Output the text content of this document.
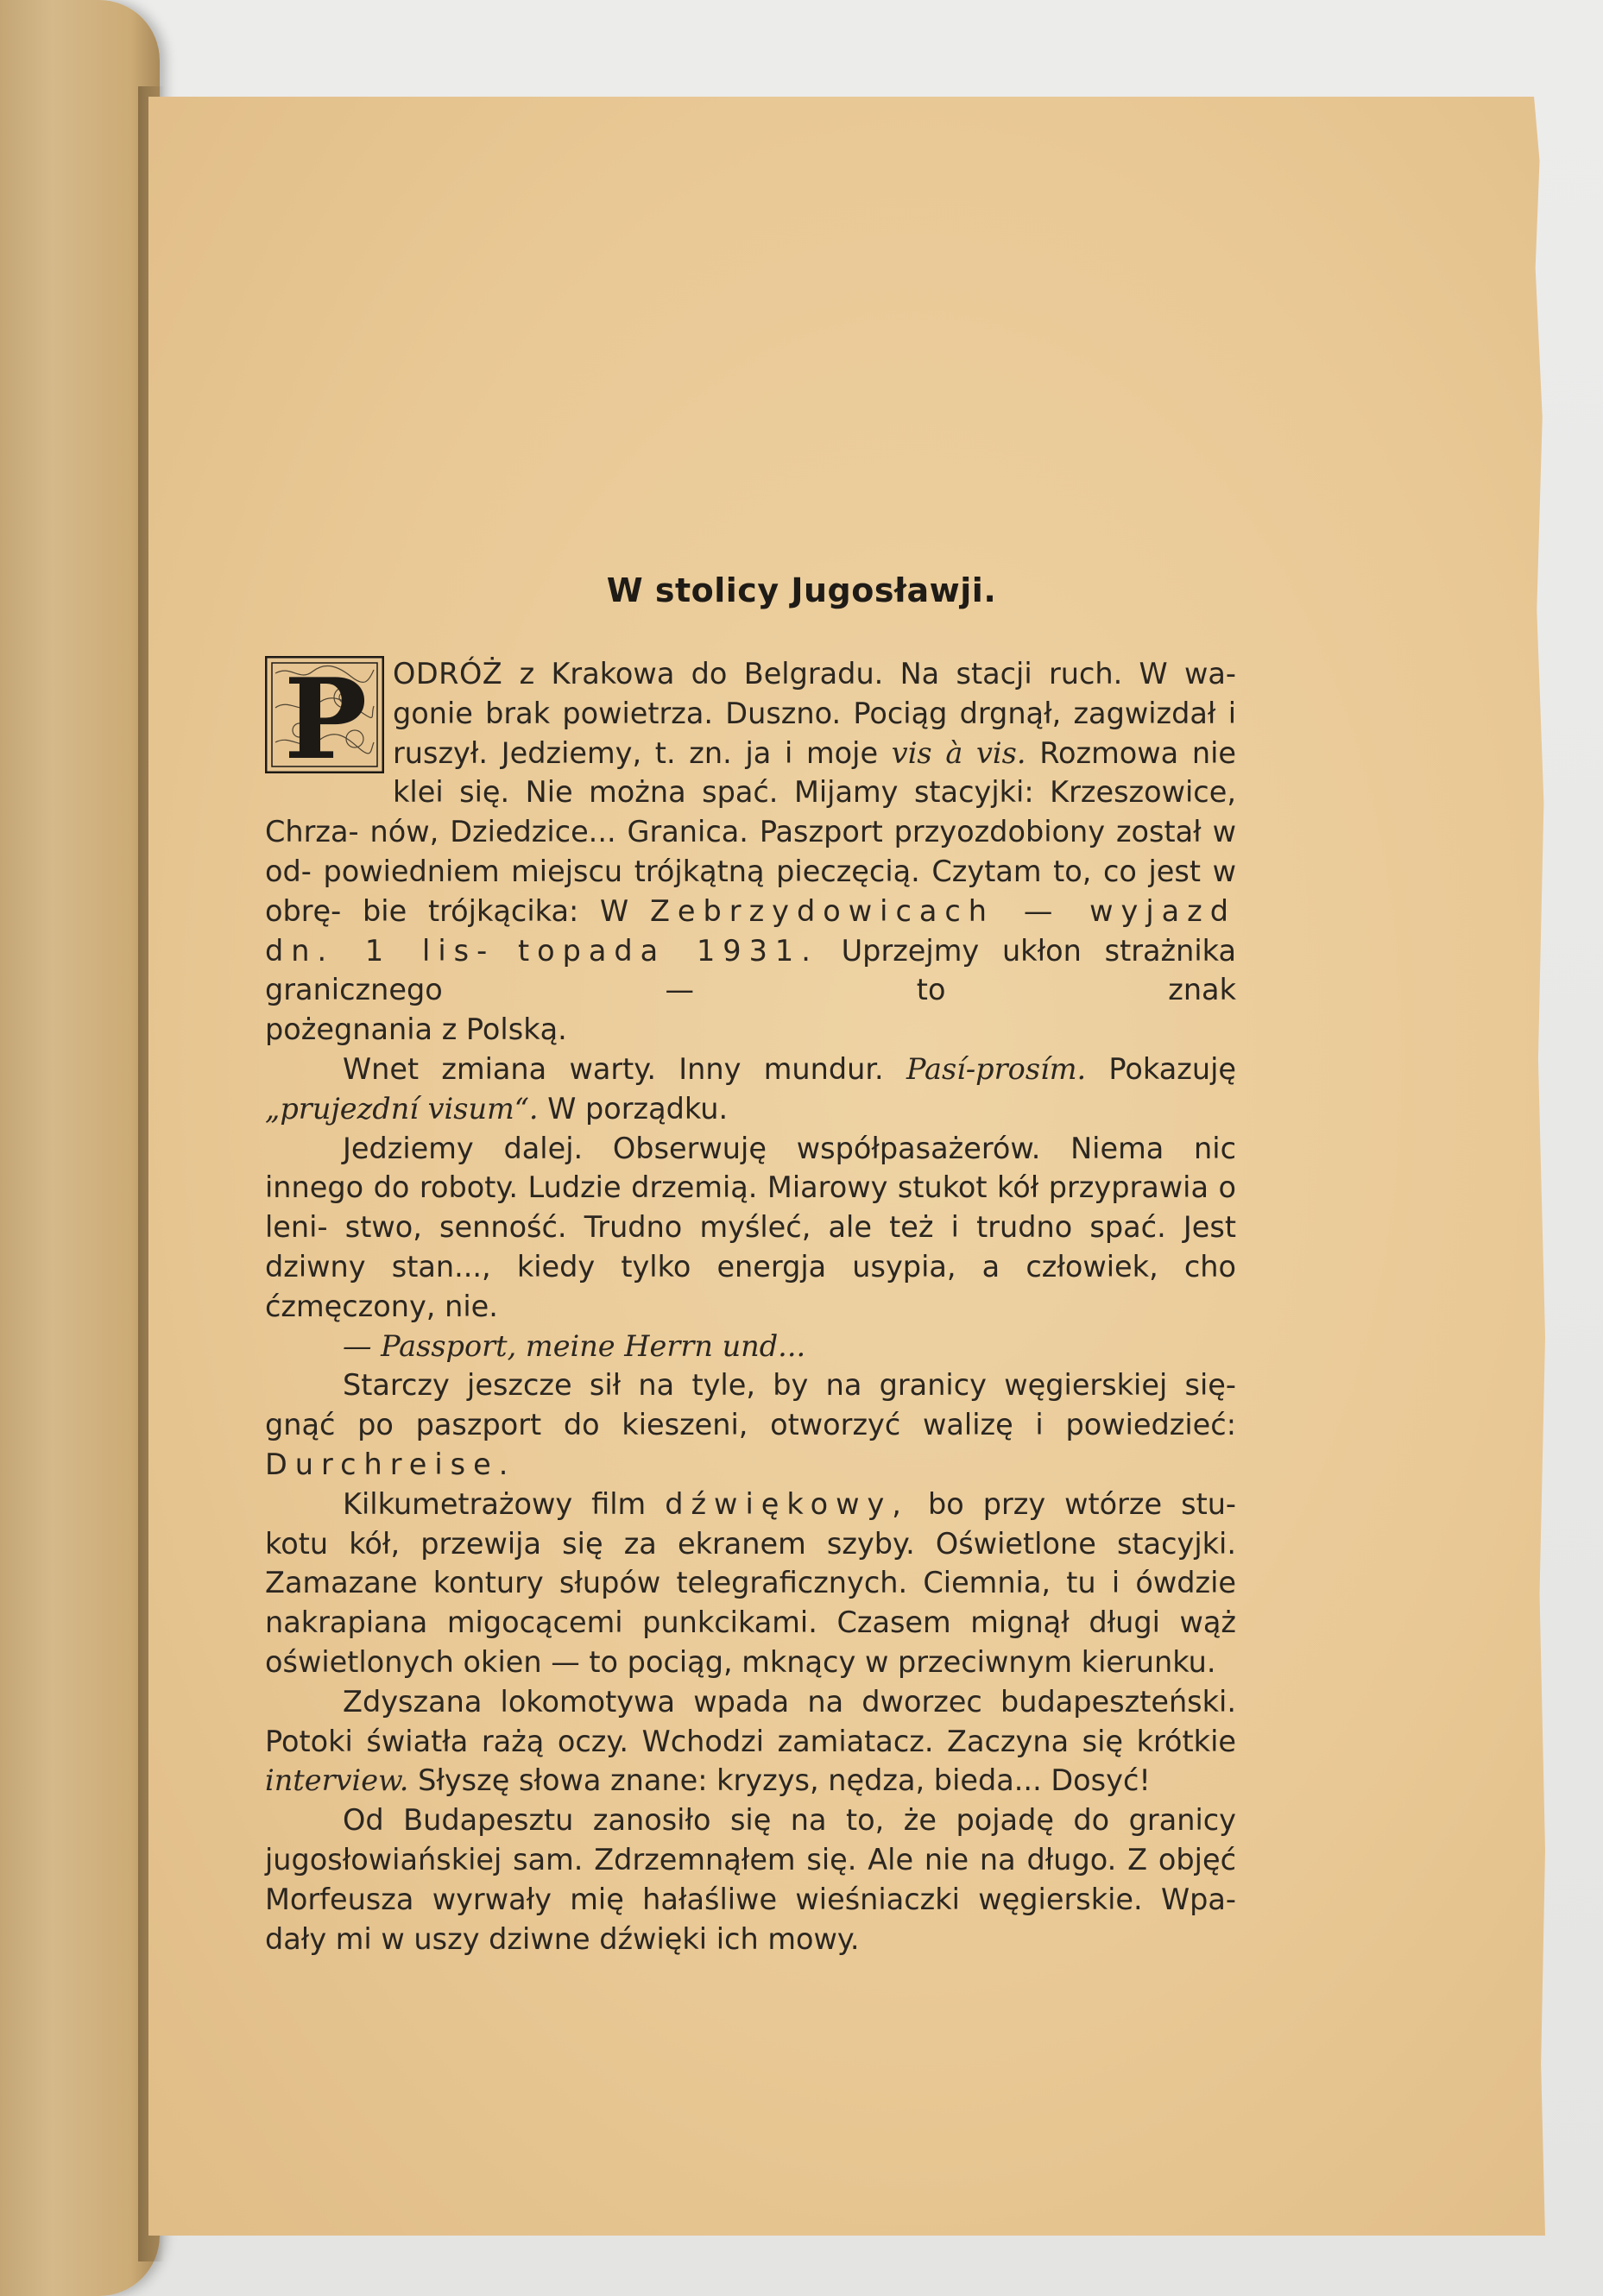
W stolicy Jugosławji.
P ODRÓŻ z Krakowa do Belgradu. Na stacji ruch. W wa- gonie brak powietrza. Duszno. Pociąg drgnął, zagwizdał i ruszył. Jedziemy, t. zn. ja i moje vis à vis. Rozmowa nie klei się. Nie można spać. Mijamy stacyjki: Krzeszowice, Chrza- nów, Dziedzice... Granica. Paszport przyozdobiony został w od- powiedniem miejscu trójkątną pieczęcią. Czytam to, co jest w obrę- bie trójkącika: W Zebrzydowicach — wyjazd dn. 1 lis- topada 1931. Uprzejmy ukłon strażnika granicznego — to znak

pożegnania z Polską.

Wnet zmiana warty. Inny mundur. Pasí-prosím. Pokazuję

„prujezdní visum“. W porządku.

Jedziemy dalej. Obserwuję współpasażerów. Niema nic innego do roboty. Ludzie drzemią. Miarowy stukot kół przyprawia o leni- stwo, senność. Trudno myśleć, ale też i trudno spać. Jest dziwny stan..., kiedy tylko energja usypia, a człowiek, cho ćzmęczony, nie.

— Passport, meine Herrn und...

Starczy jeszcze sił na tyle, by na granicy węgierskiej się- gnąć po paszport do kieszeni, otworzyć walizę i powiedzieć:

Durchreise.

Kilkumetrażowy film dźwiękowy, bo przy wtórze stu- kotu kół, przewija się za ekranem szyby. Oświetlone stacyjki. Zamazane kontury słupów telegraficznych. Ciemnia, tu i ówdzie nakrapiana migocącemi punkcikami. Czasem mignął długi wąż oświetlonych okien — to pociąg, mknący w przeciwnym kierunku.

Zdyszana lokomotywa wpada na dworzec budapeszteński. Potoki światła rażą oczy. Wchodzi zamiatacz. Zaczyna się krótkie interview. Słyszę słowa znane: kryzys, nędza, bieda... Dosyć!

Od Budapesztu zanosiło się na to, że pojadę do granicy jugosłowiańskiej sam. Zdrzemnąłem się. Ale nie na długo. Z objęć Morfeusza wyrwały mię hałaśliwe wieśniaczki węgierskie. Wpa- dały mi w uszy dziwne dźwięki ich mowy.
